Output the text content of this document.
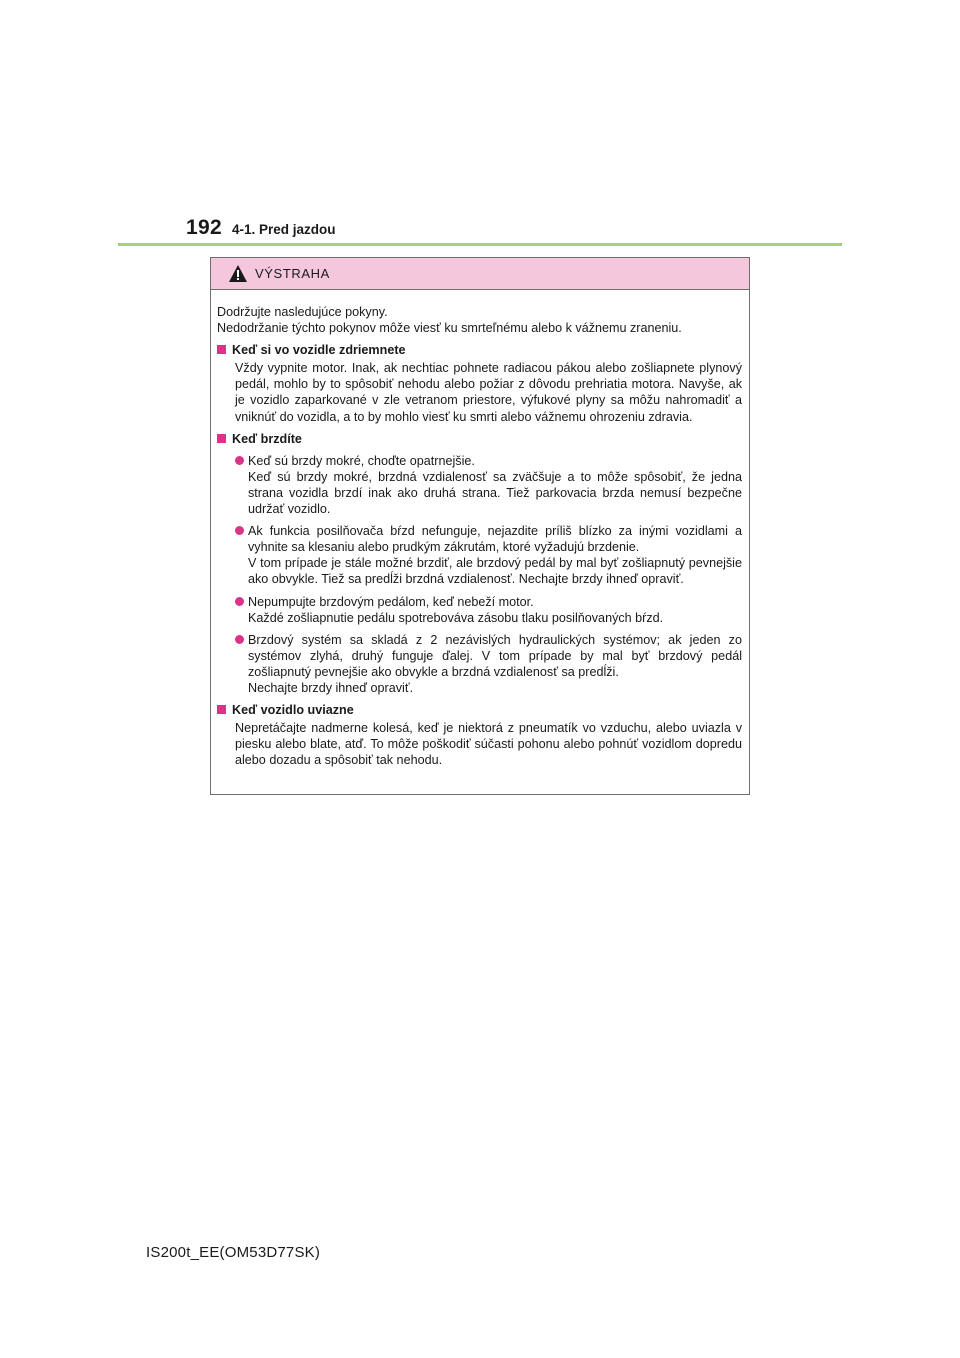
192 4-1. Pred jazdou
VÝSTRAHA

Dodržujte nasledujúce pokyny.

Nedodržanie týchto pokynov môže viesť ku smrteľnému alebo k vážnemu zraneniu.

Keď si vo vozidle zdriemnete

Vždy vypnite motor. Inak, ak nechtiac pohnete radiacou pákou alebo zošliapnete plynový pedál, mohlo by to spôsobiť nehodu alebo požiar z dôvodu prehriatia motora. Navyše, ak je vozidlo zaparkované v zle vetranom priestore, výfukové plyny sa môžu nahromadiť a vniknúť do vozidla, a to by mohlo viesť ku smrti alebo vážnemu ohrozeniu zdravia.

Keď brzdíte

Keď sú brzdy mokré, choďte opatrnejšie.

Keď sú brzdy mokré, brzdná vzdialenosť sa zväčšuje a to môže spôsobiť, že jedna strana vozidla brzdí inak ako druhá strana. Tiež parkovacia brzda nemusí bezpečne udržať vozidlo.

Ak funkcia posilňovača bŕzd nefunguje, nejazdite príliš blízko za inými vozidlami a vyhnite sa klesaniu alebo prudkým zákrutám, ktoré vyžadujú brzdenie.

V tom prípade je stále možné brzdiť, ale brzdový pedál by mal byť zošliapnutý pevnejšie ako obvykle. Tiež sa predĺži brzdná vzdialenosť. Nechajte brzdy ihneď opraviť.

Nepumpujte brzdovým pedálom, keď nebeží motor.

Každé zošliapnutie pedálu spotrebováva zásobu tlaku posilňovaných bŕzd.

Brzdový systém sa skladá z 2 nezávislých hydraulických systémov; ak jeden zo systémov zlyhá, druhý funguje ďalej. V tom prípade by mal byť brzdový pedál zošliapnutý pevnejšie ako obvykle a brzdná vzdialenosť sa predĺži.

Nechajte brzdy ihneď opraviť.

Keď vozidlo uviazne

Nepretáčajte nadmerne kolesá, keď je niektorá z pneumatík vo vzduchu, alebo uviazla v piesku alebo blate, atď. To môže poškodiť súčasti pohonu alebo pohnúť vozidlom dopredu alebo dozadu a spôsobiť tak nehodu.

IS200t_EE(OM53D77SK)
